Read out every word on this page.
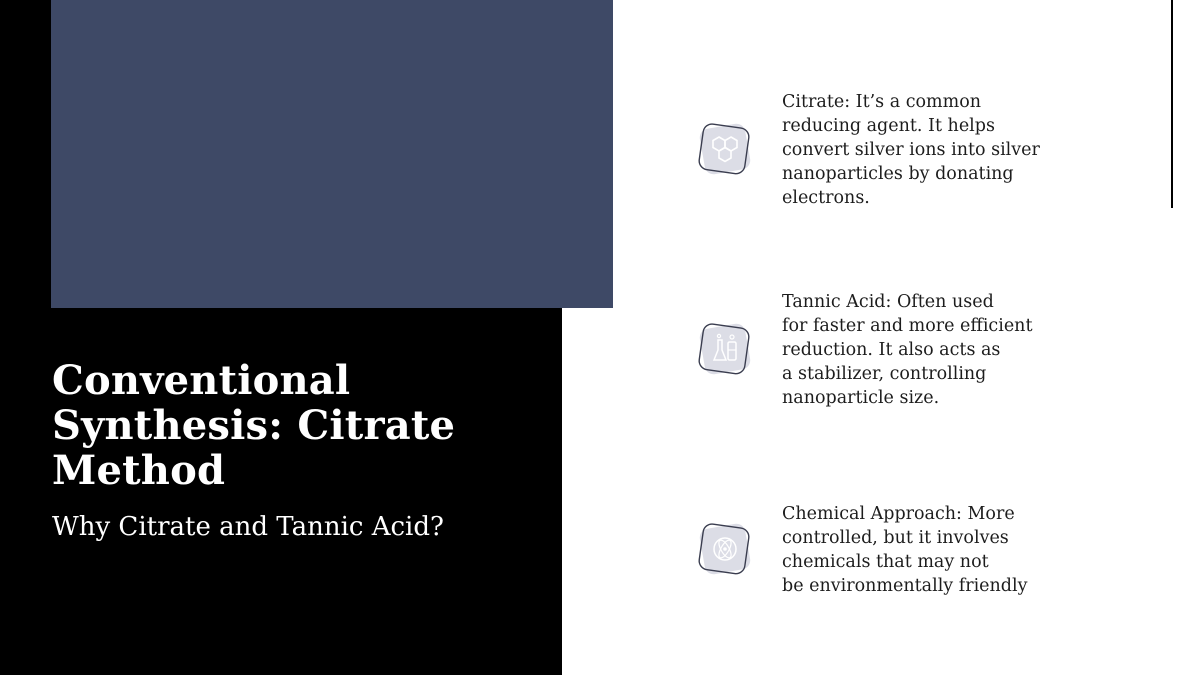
Conventional Synthesis: Citrate Method

Why Citrate and Tannic Acid?

Citrate: It’s a common
reducing agent. It helps
convert silver ions into silver
nanoparticles by donating
electrons.

Tannic Acid: Often used
for faster and more efficient
reduction. It also acts as
a stabilizer, controlling
nanoparticle size.

Chemical Approach: More
controlled, but it involves
chemicals that may not
be environmentally friendly
